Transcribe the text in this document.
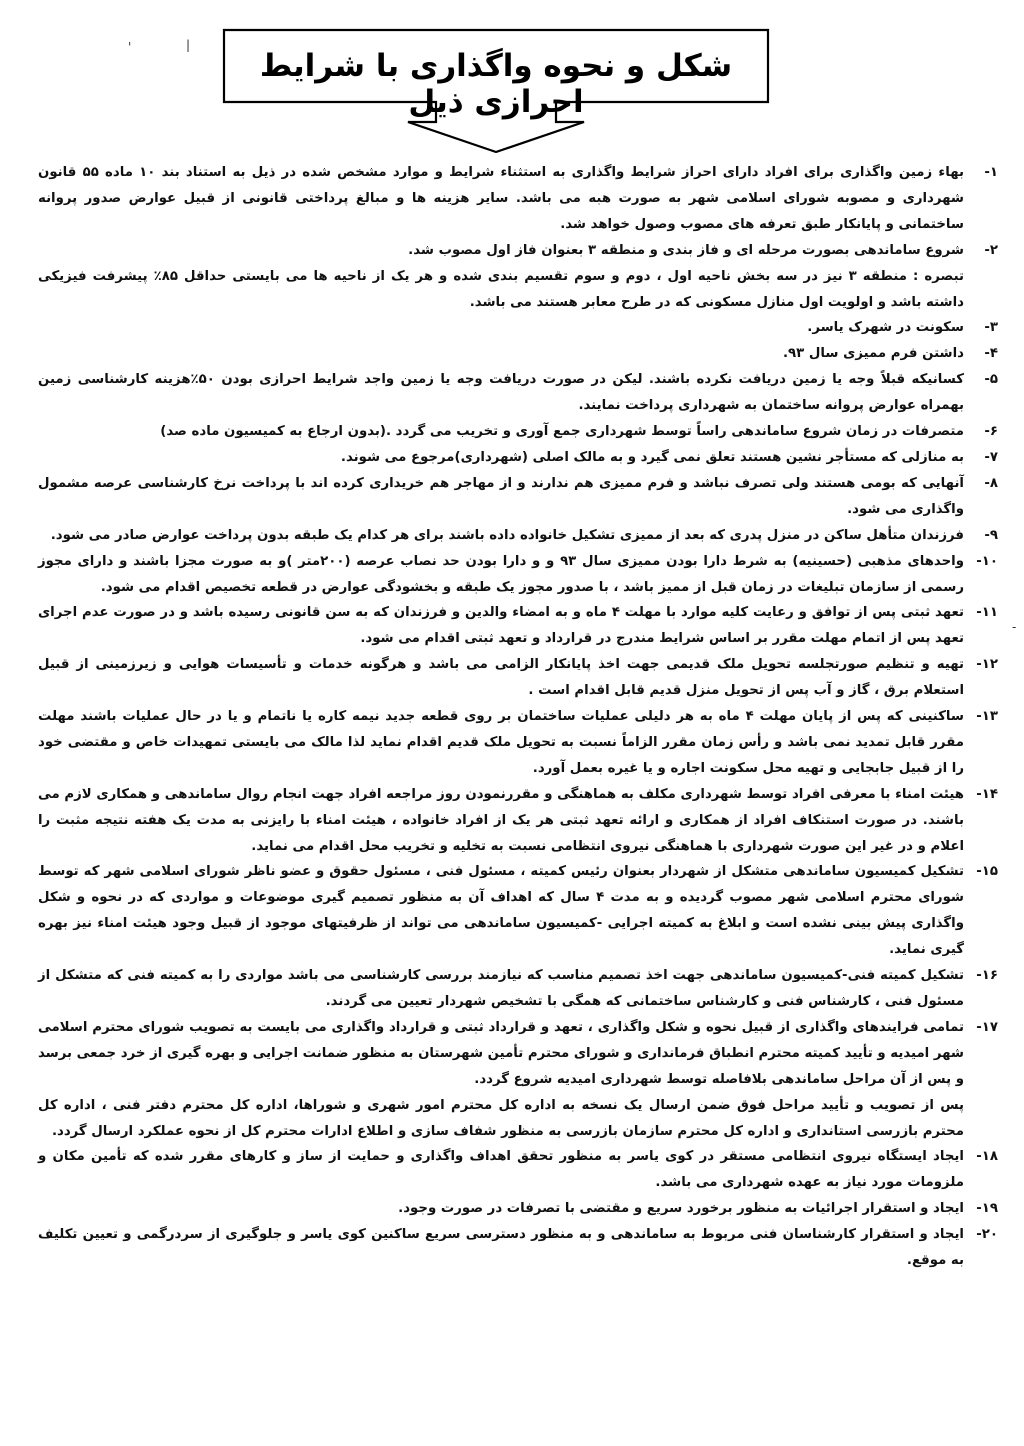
'	|
-
شکل و نحوه واگذاری با شرایط احرازی ذیل
۱-
بهاء زمین واگذاری برای افراد دارای احراز شرایط واگذاری به استثناء شرایط و موارد مشخص شده در ذیل به استناد بند ۱۰ ماده ۵۵ قانون شهرداری و مصوبه شورای اسلامی شهر به صورت هبه می باشد. سایر هزینه ها و مبالغ پرداختی قانونی از قبیل عوارض صدور پروانه ساختمانی و پایانکار طبق تعرفه های مصوب وصول خواهد شد.
۲-
شروع ساماندهی بصورت مرحله ای و فاز بندی و منطقه ۳ بعنوان فاز اول مصوب شد.
تبصره : منطقه ۳ نیز در سه بخش ناحیه اول ، دوم و سوم تقسیم بندی شده و هر یک از ناحیه ها می بایستی حداقل ۸۵٪ پیشرفت فیزیکی داشته باشد و اولویت اول منازل مسکونی که در طرح معابر هستند می باشد.
۳-
سکونت در شهرک یاسر.
۴-
داشتن فرم ممیزی سال ۹۳.
۵-
کسانیکه قبلاً وجه یا زمین دریافت نکرده باشند. لیکن در صورت دریافت وجه یا زمین واجد شرایط احرازی بودن ۵۰٪هزینه کارشناسی زمین بهمراه عوارض پروانه ساختمان به شهرداری پرداخت نمایند.
۶-
متصرفات در زمان شروع ساماندهی راساً توسط شهرداری جمع آوری و تخریب می گردد .(بدون ارجاع به کمیسیون ماده صد)
۷-
به منازلی که مستأجر نشین هستند تعلق نمی گیرد و به مالک اصلی (شهرداری)مرجوع می شوند.
۸-
آنهایی که بومی هستند ولی تصرف نباشد و فرم ممیزی هم ندارند و از مهاجر هم خریداری کرده اند با پرداخت نرخ کارشناسی عرصه مشمول واگذاری می شود.
۹-
فرزندان متأهل ساکن در منزل پدری که بعد از ممیزی تشکیل خانواده داده باشند برای هر کدام یک طبقه بدون پرداخت عوارض صادر می شود.
۱۰-
واحدهای مذهبی (حسینیه) به شرط دارا بودن ممیزی سال ۹۳ و و دارا بودن حد نصاب عرصه (۲۰۰متر )و به صورت مجزا باشند و دارای مجوز رسمی از سازمان تبلیغات در زمان قبل از ممیز باشد ، با صدور مجوز یک طبقه و بخشودگی عوارض در قطعه تخصیص اقدام می شود.
۱۱-
تعهد ثبتی پس از توافق و رعایت کلیه موارد با مهلت ۴ ماه و به امضاء والدین و فرزندان که به سن قانونی رسیده باشد و در صورت عدم اجرای تعهد پس از اتمام مهلت مقرر بر اساس شرایط مندرج در قرارداد و تعهد ثبتی اقدام می شود.
۱۲-
تهیه و تنظیم صورتجلسه تحویل ملک قدیمی جهت اخذ پایانکار الزامی می باشد و هرگونه خدمات و تأسیسات هوایی و زیرزمینی از قبیل استعلام برق ، گاز و آب پس از تحویل منزل قدیم قابل اقدام است .
۱۳-
ساکنینی که پس از پایان مهلت ۴ ماه به هر دلیلی عملیات ساختمان بر روی قطعه جدید نیمه کاره یا ناتمام و یا در حال عملیات باشند مهلت مقرر قابل تمدید نمی باشد و رأس زمان مقرر الزاماً نسبت به تحویل ملک قدیم اقدام نماید لذا مالک می بایستی تمهیدات خاص و مقتضی خود را از قبیل جابجایی و تهیه محل سکونت اجاره و یا غیره بعمل آورد.
۱۴-
هیئت امناء با معرفی افراد توسط شهرداری مکلف به هماهنگی و مقررنمودن روز مراجعه افراد جهت انجام روال ساماندهی و همکاری لازم می باشند. در صورت استنکاف افراد از همکاری و ارائه تعهد ثبتی هر یک از افراد خانواده ، هیئت امناء با رایزنی به مدت یک هفته نتیجه مثبت را اعلام و در غیر این صورت شهرداری با هماهنگی نیروی انتظامی نسبت به تخلیه و تخریب محل اقدام می نماید.
۱۵-
تشکیل کمیسیون ساماندهی متشکل از شهردار بعنوان رئیس کمیته ، مسئول فنی ، مسئول حقوق و عضو ناظر شورای اسلامی شهر که توسط شورای محترم اسلامی شهر مصوب گردیده و به مدت ۴ سال که اهداف آن به منظور تصمیم گیری موضوعات و مواردی که در نحوه و شکل واگذاری پیش بینی نشده است و ابلاغ به کمیته اجرایی -کمیسیون ساماندهی می تواند از ظرفیتهای موجود از قبیل وجود هیئت امناء نیز بهره گیری نماید.
۱۶-
تشکیل کمیته فنی-کمیسیون ساماندهی جهت اخذ تصمیم مناسب که نیازمند بررسی کارشناسی می باشد مواردی را به کمیته فنی که متشکل از مسئول فنی ، کارشناس فنی و کارشناس ساختمانی که همگی با تشخیص شهردار تعیین می گردند.
۱۷-
تمامی فرایندهای واگذاری از قبیل نحوه و شکل واگذاری ، تعهد و قرارداد ثبتی و قرارداد واگذاری می بایست به تصویب شورای محترم اسلامی شهر امیدیه و تأیید کمیته محترم انطباق فرمانداری و شورای محترم تأمین شهرستان به منظور ضمانت اجرایی و بهره گیری از خرد جمعی برسد و پس از آن مراحل ساماندهی بلافاصله توسط شهرداری امیدیه شروع گردد.
پس از تصویب و تأیید مراحل فوق ضمن ارسال یک نسخه به اداره کل محترم امور شهری و شوراها، اداره کل محترم دفتر فنی ، اداره کل محترم بازرسی استانداری و اداره کل محترم سازمان بازرسی به منظور شفاف سازی و اطلاع ادارات محترم کل از نحوه عملکرد ارسال گردد.
۱۸-
ایجاد ایستگاه نیروی انتظامی مستقر در کوی یاسر به منظور تحقق اهداف واگذاری و حمایت از ساز و کارهای مقرر شده که تأمین مکان و ملزومات مورد نیاز به عهده شهرداری می باشد.
۱۹-
ایجاد و استقرار اجرائیات به منظور برخورد سریع و مقتضی با تصرفات در صورت وجود.
۲۰-
ایجاد و استقرار کارشناسان فنی مربوط به ساماندهی و به منظور دسترسی سریع ساکنین کوی یاسر و جلوگیری از سردرگمی و تعیین تکلیف به موقع.
